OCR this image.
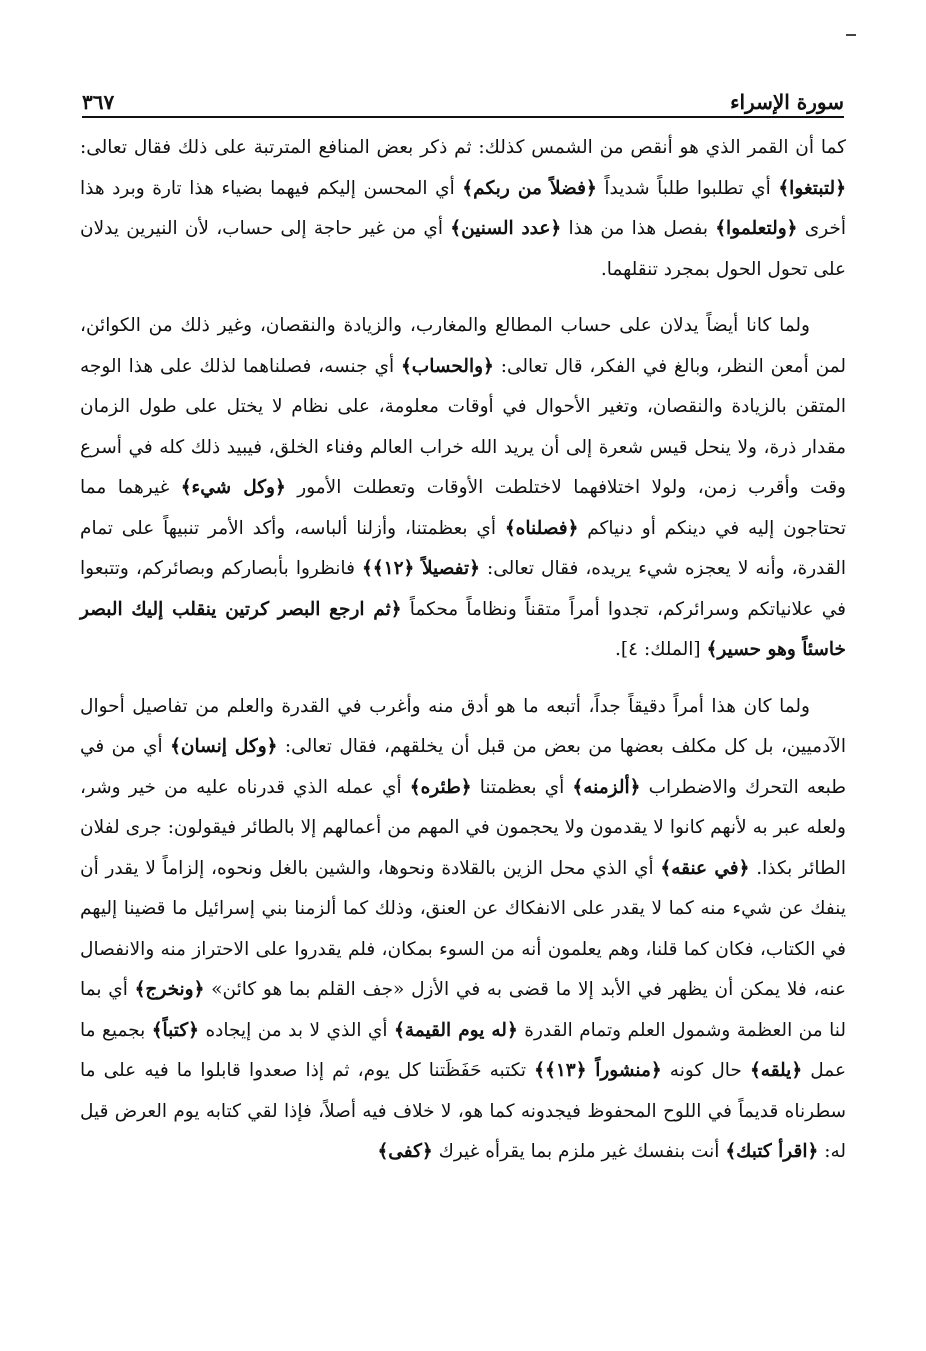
سورة الإسراء
٣٦٧

كما أن القمر الذي هو أنقص من الشمس كذلك: ثم ذكر بعض المنافع المترتبة على ذلك فقال تعالى: ﴿لتبتغوا﴾ أي تطلبوا طلباً شديداً ﴿فضلاً من ربكم﴾ أي المحسن إليكم فيهما بضياء هذا تارة وبرد هذا أخرى ﴿ولتعلموا﴾ بفصل هذا من هذا ﴿عدد السنين﴾ أي من غير حاجة إلى حساب، لأن النيرين يدلان على تحول الحول بمجرد تنقلهما.

ولما كانا أيضاً يدلان على حساب المطالع والمغارب، والزيادة والنقصان، وغير ذلك من الكوائن، لمن أمعن النظر، وبالغ في الفكر، قال تعالى: ﴿والحساب﴾ أي جنسه، فصلناهما لذلك على هذا الوجه المتقن بالزيادة والنقصان، وتغير الأحوال في أوقات معلومة، على نظام لا يختل على طول الزمان مقدار ذرة، ولا ينحل قيس شعرة إلى أن يريد الله خراب العالم وفناء الخلق، فيبيد ذلك كله في أسرع وقت وأقرب زمن، ولولا اختلافهما لاختلطت الأوقات وتعطلت الأمور ﴿وكل شيء﴾ غيرهما مما تحتاجون إليه في دينكم أو دنياكم ﴿فصلناه﴾ أي بعظمتنا، وأزلنا ألباسه، وأكد الأمر تنبيهاً على تمام القدرة، وأنه لا يعجزه شيء يريده، فقال تعالى: ﴿تفصيلاً ﴿١٢﴾﴾ فانظروا بأبصاركم وبصائركم، وتتبعوا في علانياتكم وسرائركم، تجدوا أمراً متقناً ونظاماً محكماً ﴿ثم ارجع البصر كرتين ينقلب إليك البصر خاسئاً وهو حسير﴾ [الملك: ٤].

ولما كان هذا أمراً دقيقاً جداً، أتبعه ما هو أدق منه وأغرب في القدرة والعلم من تفاصيل أحوال الآدميين، بل كل مكلف بعضها من بعض من قبل أن يخلقهم، فقال تعالى: ﴿وكل إنسان﴾ أي من في طبعه التحرك والاضطراب ﴿ألزمنه﴾ أي بعظمتنا ﴿طئره﴾ أي عمله الذي قدرناه عليه من خير وشر، ولعله عبر به لأنهم كانوا لا يقدمون ولا يحجمون في المهم من أعمالهم إلا بالطائر فيقولون: جرى لفلان الطائر بكذا. ﴿في عنقه﴾ أي الذي محل الزين بالقلادة ونحوها، والشين بالغل ونحوه، إلزاماً لا يقدر أن ينفك عن شيء منه كما لا يقدر على الانفكاك عن العنق، وذلك كما ألزمنا بني إسرائيل ما قضينا إليهم في الكتاب، فكان كما قلنا، وهم يعلمون أنه من السوء بمكان، فلم يقدروا على الاحتراز منه والانفصال عنه، فلا يمكن أن يظهر في الأبد إلا ما قضى به في الأزل «جف القلم بما هو كائن» ﴿ونخرج﴾ أي بما لنا من العظمة وشمول العلم وتمام القدرة ﴿له يوم القيمة﴾ أي الذي لا بد من إيجاده ﴿كتباً﴾ بجميع ما عمل ﴿يلقه﴾ حال كونه ﴿منشوراً ﴿١٣﴾﴾ تكتبه حَفَظَتنا كل يوم، ثم إذا صعدوا قابلوا ما فيه على ما سطرناه قديماً في اللوح المحفوظ فيجدونه كما هو، لا خلاف فيه أصلاً، فإذا لقي كتابه يوم العرض قيل له: ﴿اقرأ كتبك﴾ أنت بنفسك غير ملزم بما يقرأه غيرك ﴿كفى﴾
